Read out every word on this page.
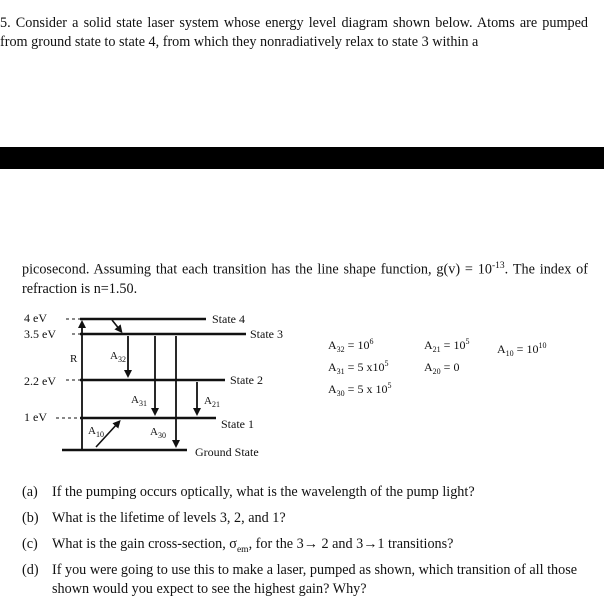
5. Consider a solid state laser system whose energy level diagram shown below. Atoms are pumped from ground state to state 4, from which they nonradiatively relax to state 3 within a
picosecond. Assuming that each transition has the line shape function, $g(v) = 10^{-13}$. The index of refraction is n=1.50.
4 eV
3.5 eV
2.2 eV
1 eV
State 4
State 3
State 2
State 1
Ground State
R	$A_{32}$
$A_{31}$	$A_{21}$
$A_{30}$
$A_{10}$
$A_{32} = 10^6$
$A_{31} = 5$ $x10^5$
$A_{30} = 5$ x $10^5$
$A_{21} = 10^5$
$A_{20} = 0$
$A_{10} = 10^{10}$
(a)	If the pumping occurs optically, what is the wavelength of the pump light?
(b) What is the lifetime of levels 3, 2, and 1?
(c)	What is the gain cross-section, $\sigma_{em}$, for the 3→ 2 and 3→1 transitions?
(d) If you were going to use this to make a laser, pumped as shown, which transition of all those shown would you expect to see the highest gain? Why?
